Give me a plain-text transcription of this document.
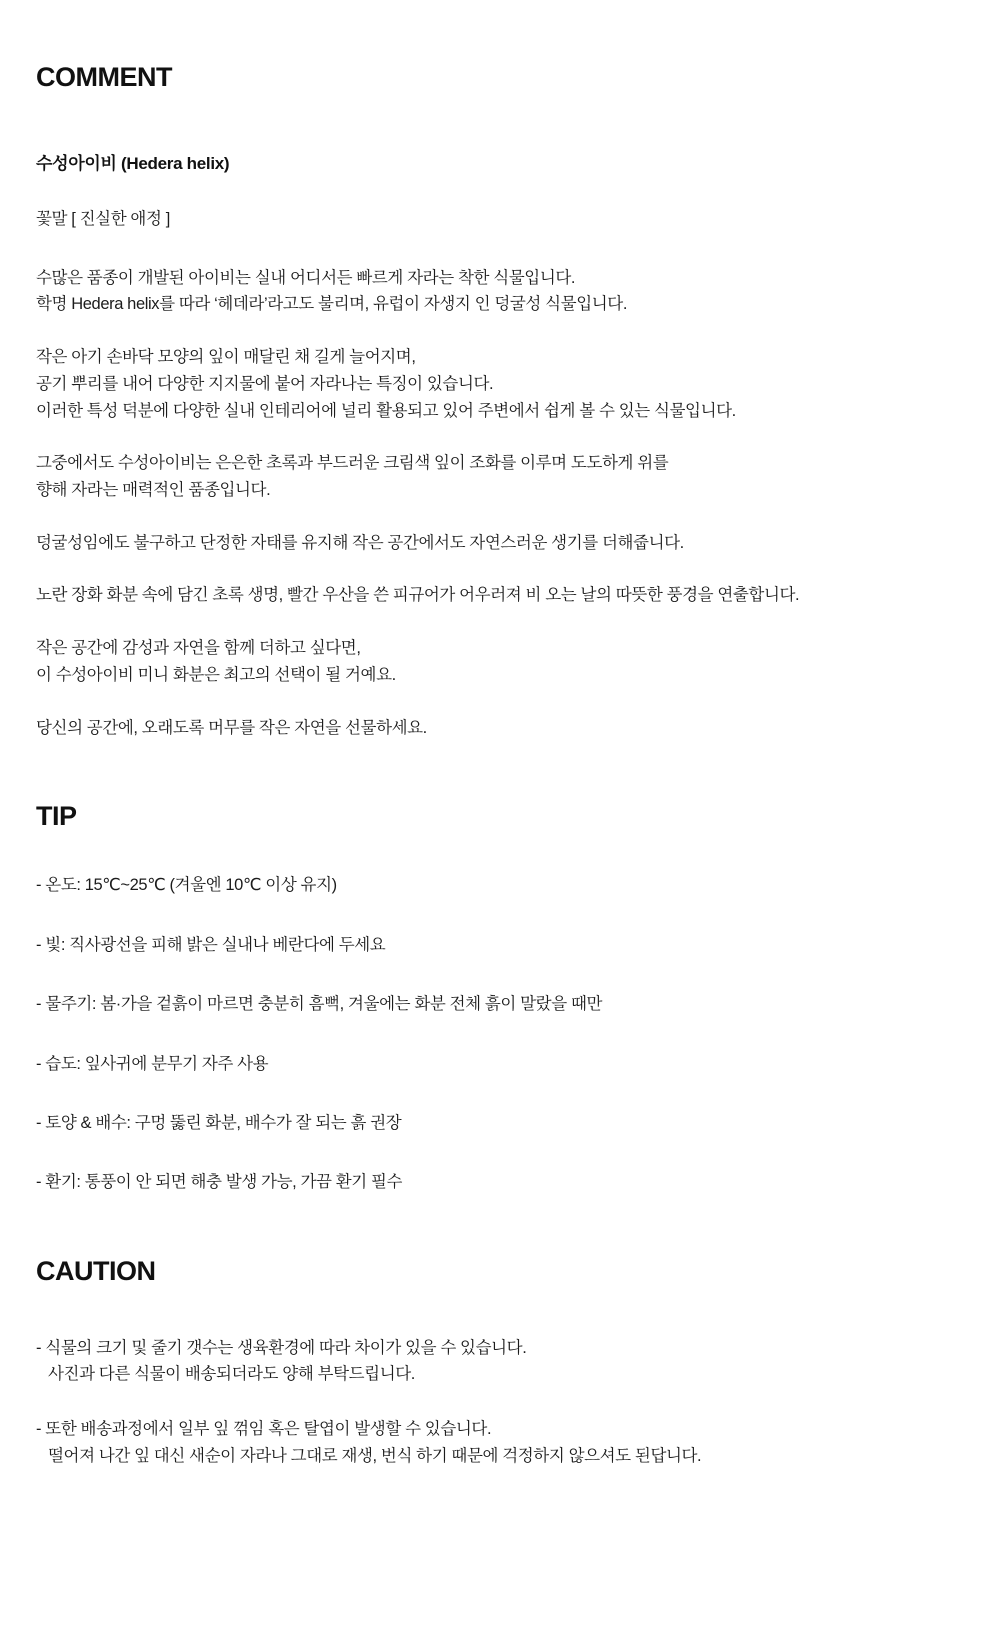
COMMENT

수성아이비 (Hedera helix)

꽃말 [ 진실한 애정 ]

수많은 품종이 개발된 아이비는 실내 어디서든 빠르게 자라는 착한 식물입니다.
학명 Hedera helix를 따라 ‘헤데라’라고도 불리며, 유럽이 자생지 인 덩굴성 식물입니다.

작은 아기 손바닥 모양의 잎이 매달린 채 길게 늘어지며,
공기 뿌리를 내어 다양한 지지물에 붙어 자라나는 특징이 있습니다.
이러한 특성 덕분에 다양한 실내 인테리어에 널리 활용되고 있어 주변에서 쉽게 볼 수 있는 식물입니다.

그중에서도 수성아이비는 은은한 초록과 부드러운 크림색 잎이 조화를 이루며 도도하게 위를
향해 자라는 매력적인 품종입니다.

덩굴성임에도 불구하고 단정한 자태를 유지해 작은 공간에서도 자연스러운 생기를 더해줍니다.

노란 장화 화분 속에 담긴 초록 생명, 빨간 우산을 쓴 피규어가 어우러져 비 오는 날의 따뜻한 풍경을 연출합니다.

작은 공간에 감성과 자연을 함께 더하고 싶다면,
이 수성아이비 미니 화분은 최고의 선택이 될 거예요.

당신의 공간에, 오래도록 머무를 작은 자연을 선물하세요.

TIP
- 온도: 15℃~25℃ (겨울엔 10℃ 이상 유지)
- 빛: 직사광선을 피해 밝은 실내나 베란다에 두세요
- 물주기: 봄·가을 겉흙이 마르면 충분히 흠뻑, 겨울에는 화분 전체 흙이 말랐을 때만
- 습도: 잎사귀에 분무기 자주 사용
- 토양 & 배수: 구멍 뚫린 화분, 배수가 잘 되는 흙 권장
- 환기: 통풍이 안 되면 해충 발생 가능, 가끔 환기 필수
CAUTION
- 식물의 크기 및 줄기 갯수는 생육환경에 따라 차이가 있을 수 있습니다.
사진과 다른 식물이 배송되더라도 양해 부탁드립니다.
- 또한 배송과정에서 일부 잎 꺾임 혹은 탈엽이 발생할 수 있습니다.
떨어져 나간 잎 대신 새순이 자라나 그대로 재생, 번식 하기 때문에 걱정하지 않으셔도 된답니다.
